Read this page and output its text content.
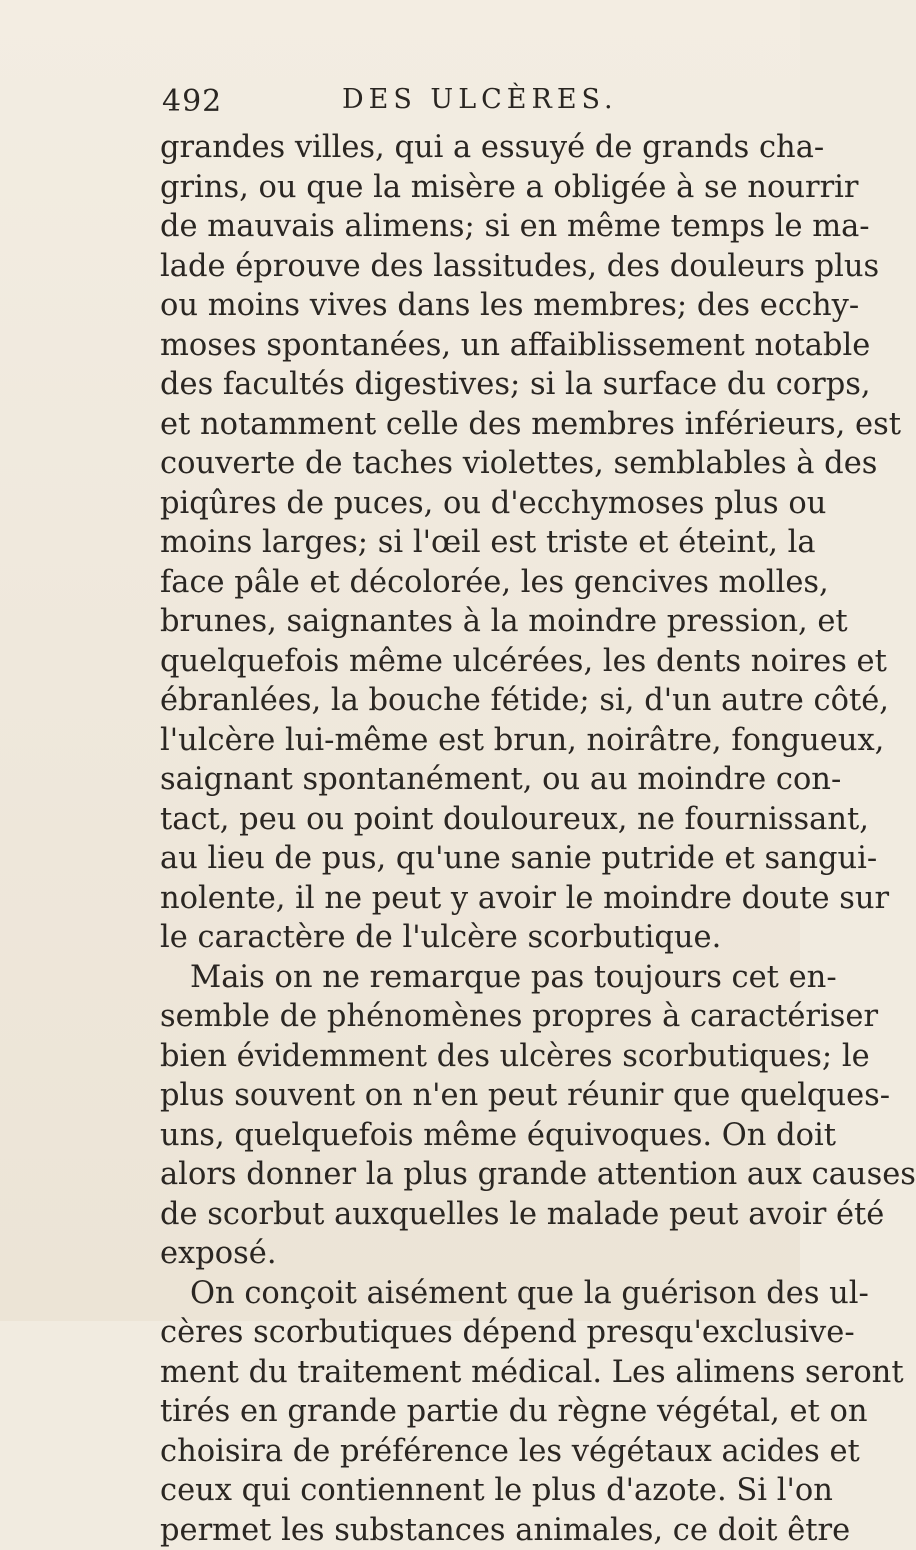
492	DES ULCÈRES.
grandes villes, qui a essuyé de grands cha-
grins, ou que la misère a obligée à se nourrir
de mauvais alimens; si en même temps le ma-
lade éprouve des lassitudes, des douleurs plus
ou moins vives dans les membres; des ecchy-
moses spontanées, un affaiblissement notable
des facultés digestives; si la surface du corps,
et notamment celle des membres inférieurs, est
couverte de taches violettes, semblables à des
piqûres de puces, ou d'ecchymoses plus ou
moins larges; si l'œil est triste et éteint, la
face pâle et décolorée, les gencives molles,
brunes, saignantes à la moindre pression, et
quelquefois même ulcérées, les dents noires et
ébranlées, la bouche fétide; si, d'un autre côté,
l'ulcère lui-même est brun, noirâtre, fongueux,
saignant spontanément, ou au moindre con-
tact, peu ou point douloureux, ne fournissant,
au lieu de pus, qu'une sanie putride et sangui-
nolente, il ne peut y avoir le moindre doute sur
le caractère de l'ulcère scorbutique.
Mais on ne remarque pas toujours cet en-
semble de phénomènes propres à caractériser
bien évidemment des ulcères scorbutiques; le
plus souvent on n'en peut réunir que quelques-
uns, quelquefois même équivoques. On doit
alors donner la plus grande attention aux causes
de scorbut auxquelles le malade peut avoir été
exposé.
On conçoit aisément que la guérison des ul-
cères scorbutiques dépend presqu'exclusive-
ment du traitement médical. Les alimens seront
tirés en grande partie du règne végétal, et on
choisira de préférence les végétaux acides et
ceux qui contiennent le plus d'azote. Si l'on
permet les substances animales, ce doit être
